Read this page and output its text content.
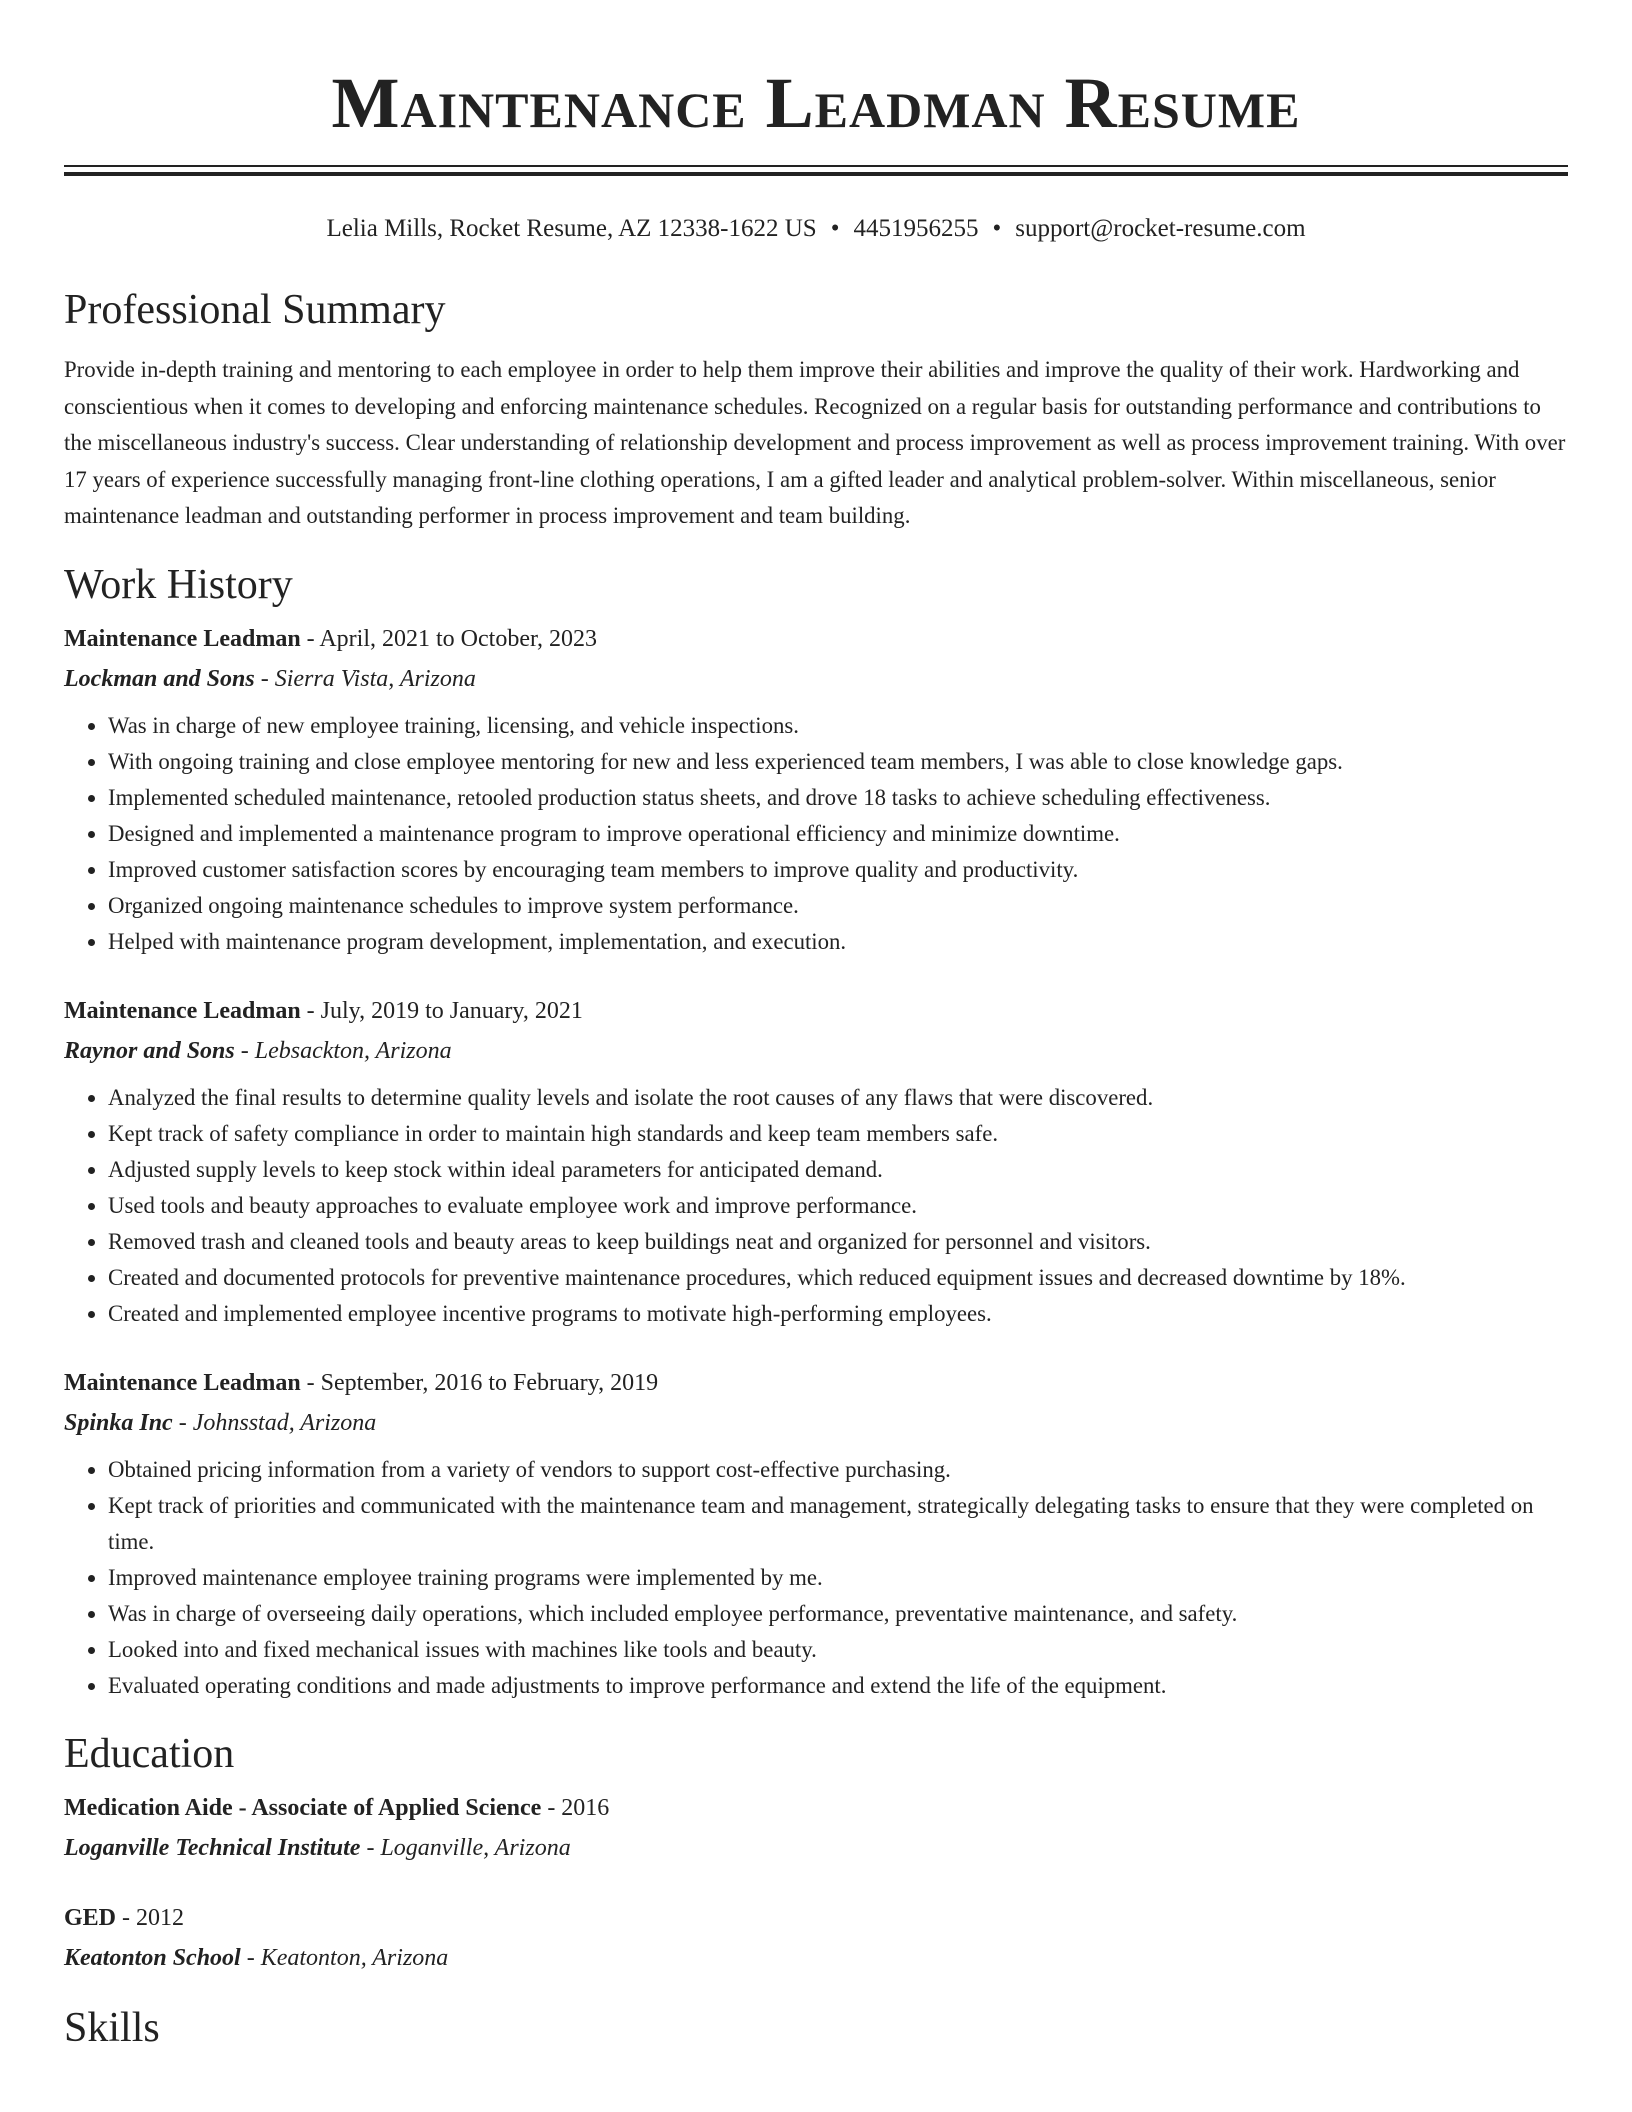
Maintenance Leadman Resume
Lelia Mills, Rocket Resume, AZ 12338-1622 US • 4451956255 • support@rocket-resume.com
Professional Summary
Provide in-depth training and mentoring to each employee in order to help them improve their abilities and improve the quality of their work. Hardworking and conscientious when it comes to developing and enforcing maintenance schedules. Recognized on a regular basis for outstanding performance and contributions to the miscellaneous industry's success. Clear understanding of relationship development and process improvement as well as process improvement training. With over 17 years of experience successfully managing front-line clothing operations, I am a gifted leader and analytical problem-solver. Within miscellaneous, senior maintenance leadman and outstanding performer in process improvement and team building.
Work History
Maintenance Leadman - April, 2021 to October, 2023
Lockman and Sons - Sierra Vista, Arizona
• Was in charge of new employee training, licensing, and vehicle inspections.
• With ongoing training and close employee mentoring for new and less experienced team members, I was able to close knowledge gaps.
• Implemented scheduled maintenance, retooled production status sheets, and drove 18 tasks to achieve scheduling effectiveness.
• Designed and implemented a maintenance program to improve operational efficiency and minimize downtime.
• Improved customer satisfaction scores by encouraging team members to improve quality and productivity.
• Organized ongoing maintenance schedules to improve system performance.
• Helped with maintenance program development, implementation, and execution.
Maintenance Leadman - July, 2019 to January, 2021
Raynor and Sons - Lebsackton, Arizona
• Analyzed the final results to determine quality levels and isolate the root causes of any flaws that were discovered.
• Kept track of safety compliance in order to maintain high standards and keep team members safe.
• Adjusted supply levels to keep stock within ideal parameters for anticipated demand.
• Used tools and beauty approaches to evaluate employee work and improve performance.
• Removed trash and cleaned tools and beauty areas to keep buildings neat and organized for personnel and visitors.
• Created and documented protocols for preventive maintenance procedures, which reduced equipment issues and decreased downtime by 18%.
• Created and implemented employee incentive programs to motivate high-performing employees.
Maintenance Leadman - September, 2016 to February, 2019
Spinka Inc - Johnsstad, Arizona
• Obtained pricing information from a variety of vendors to support cost-effective purchasing.
• Kept track of priorities and communicated with the maintenance team and management, strategically delegating tasks to ensure that they were completed on time.
• Improved maintenance employee training programs were implemented by me.
• Was in charge of overseeing daily operations, which included employee performance, preventative maintenance, and safety.
• Looked into and fixed mechanical issues with machines like tools and beauty.
• Evaluated operating conditions and made adjustments to improve performance and extend the life of the equipment.
Education
Medication Aide - Associate of Applied Science - 2016
Loganville Technical Institute - Loganville, Arizona
GED - 2012
Keatonton School - Keatonton, Arizona
Skills
